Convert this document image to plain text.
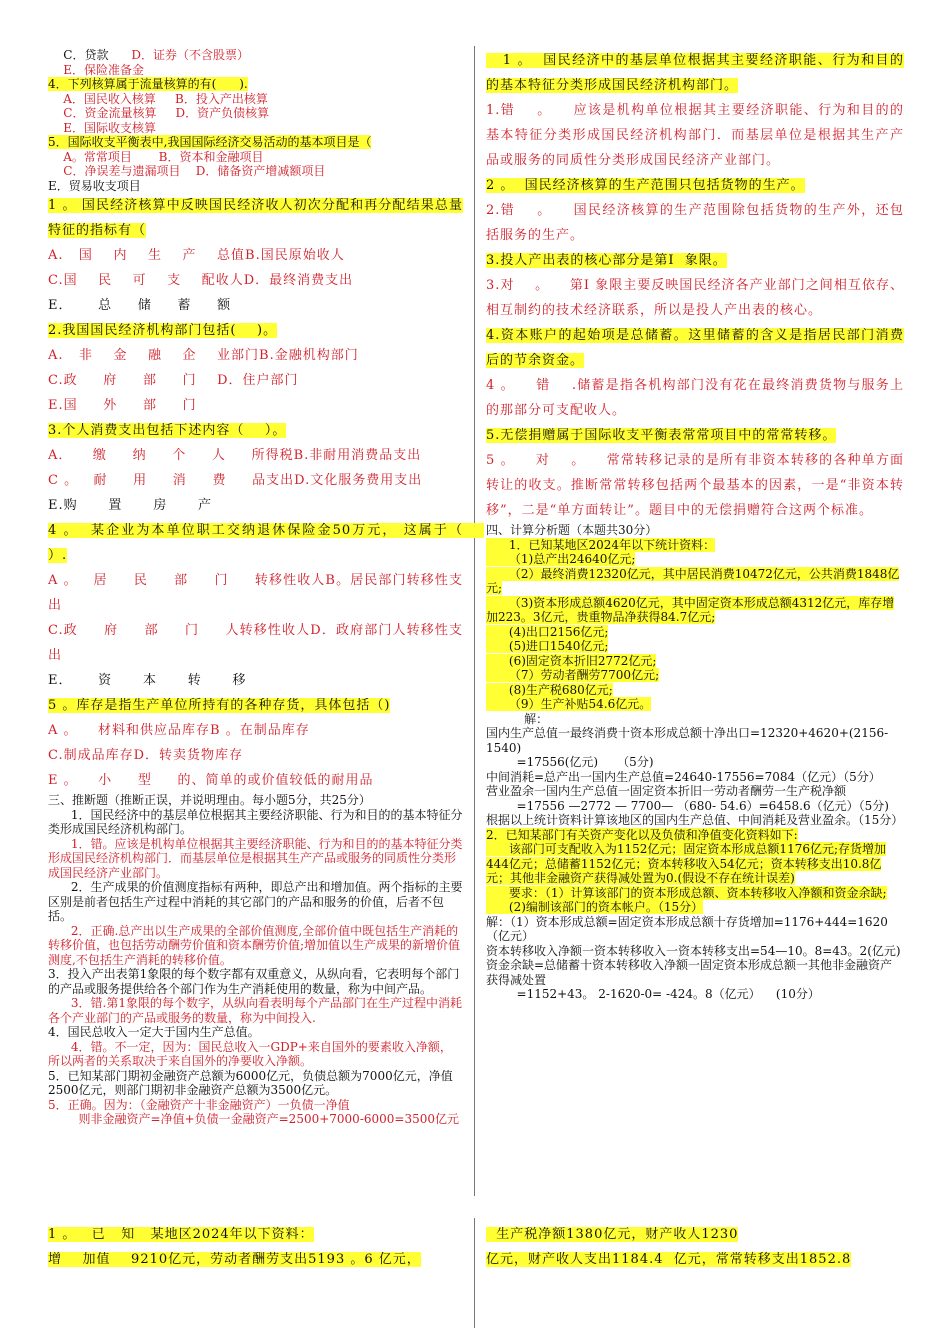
C．贷款      D．证券（不含股票）

E．保险准备金

4．下列核算属于流量核算的有(      ).

A．国民收入核算     B．投入产出核算

C．资金流量核算     D．资产负债核算

E．国际收支核算

5．国际收支平衡表中,我国国际经济交易活动的基本项目是（

A。常常项目       B．资本和金融项目

C．净误差与遗漏项目    D．储备资产增减额项目

E．贸易收支项目

1 。 国民经济核算中反映国民经济收人初次分配和再分配结果总量特征的指标有（

A.   国    内    生    产    总值B.国民原始收人

C.国    民    可    支    配收人D．最终消费支出

E．     总     储     蓄     额

2.我国国民经济机构部门包括(    )。

A.   非    金    融    企    业部门B.金融机构部门

C.政     府     部     门    D．住户部门

E.国     外     部     门

3.个人消费支出包括下述内容（    ）。

A．    缴     纳     个     人     所得税B.非耐用消费品支出

C 。   耐     用     消     费     品支出D.文化服务费用支出

E.购      置      房      产

4 。  某企业为本单位职工交纳退休保险金50万元， 这属于（    ）.

A 。   居     民     部     门     转移性收人B。居民部门转移性支出

C.政     府     部     门     人转移性收人D．政府部门人转移性支出

E．     资      本      转      移

5 。库存是指生产单位所持有的各种存货，具体包括（)

A 。    材料和供应品库存B 。在制品库存

C.制成品库存D．转卖货物库存

E 。    小     型     的、简单的或价值较低的耐用品

三、推断题（推断正误，并说明理由。每小题5分，共25分）

1．国民经济中的基层单位根据其主要经济职能、行为和目的的基本特征分类形成国民经济机构部门。

1．错。应该是机构单位根据其主要经济职能、行为和目的的基本特征分类形成国民经济机构部门．而基层单位是根据其生产产品或服务的同质性分类形成国民经济产业部门。

2．生产成果的价值测度指标有两种，即总产出和增加值。两个指标的主要区别是前者包括生产过程中消耗的其它部门的产品和服务的价值，后者不包括。

2．正确.总产出以生产成果的全部价值测度,全部价值中既包括生产消耗的转移价值，也包括劳动酬劳价值和资本酬劳价值;增加值以生产成果的新增价值测度,不包括生产消耗的转移价值。

3．投入产出表第1象限的每个数字都有双重意义，从纵向看，它表明每个部门的产品或服务提供给各个部门作为生产消耗使用的数量，称为中间产品。

3．错.第1象限的每个数字，从纵向看表明每个产品部门在生产过程中消耗各个产业部门的产品或服务的数量，称为中间投入.

4．国民总收入一定大于国内生产总值。

4．错。不一定，因为：国民总收入一GDP+来自国外的要素收入净额，所以两者的关系取决于来自国外的净要收入净额。

5．已知某部门期初金融资产总额为6000亿元，负债总额为7000亿元，净值2500亿元，则部门期初非金融资产总额为3500亿元。

5．正确。因为：（金融资产十非金融资产）一负债一净值

则非金融资产=净值+负债一金融资产=2500+7000-6000=3500亿元

1 。  国民经济中的基层单位根据其主要经济职能、行为和目的的基本特征分类形成国民经济机构部门。

1.错    。    应该是机构单位根据其主要经济职能、行为和目的的基本特征分类形成国民经济机构部门．而基层单位是根据其生产产品或服务的同质性分类形成国民经济产业部门。

2 。  国民经济核算的生产范围只包括货物的生产。

2.错    。    国民经济核算的生产范围除包括货物的生产外，还包括服务的生产。

3.投人产出表的核心部分是第I  象限。

3.对    。    第I 象限主要反映国民经济各产业部门之间相互依存、相互制约的技术经济联系，所以是投人产出表的核心。

4.资本账户的起始项是总储蓄。这里储蓄的含义是指居民部门消费后的节余资金。

4 。    错    .储蓄是指各机构部门没有花在最终消费货物与服务上的那部分可支配收人。

5.无偿捐赠属于国际收支平衡表常常项目中的常常转移。

5 。    对    。    常常转移记录的是所有非资本转移的各种单方面转让的收支。推断常常转移包括两个最基本的因素，一是“非资本转移”，二是“单方面转让”。题目中的无偿捐赠符合这两个标准。

四、计算分析题（本题共30分）

1．已知某地区2024年以下统计资料：

（1)总产出24640亿元;

（2）最终消费12320亿元，其中居民消费10472亿元，公共消费1848亿元;

（3)资本形成总额4620亿元，其中固定资本形成总额4312亿元，库存增加223。3亿元，贵重物品净获得84.7亿元;

(4)出口2156亿元;

(5)进口1540亿元;

(6)固定资本折旧2772亿元;

（7）劳动者酬劳7700亿元;

(8)生产税680亿元;

（9）生产补贴54.6亿元。

解：

国内生产总值一最终消费十资本形成总额十净出口=12320+4620+(2156-1540)

=17556(亿元)     （5分)

中间消耗=总产出一国内生产总值=24640-17556=7084（亿元）（5分）

营业盈余一国内生产总值一固定资本折旧一劳动者酬劳一生产税净额

=17556 —2772 — 7700— （680- 54.6）=6458.6（亿元）（5分)

根据以上统计资料计算该地区的国内生产总值、中间消耗及营业盈余。（15分）

2．已知某部门有关资产变化以及负债和净值变化资料如下:

该部门可支配收入为1152亿元；固定资本形成总额1176亿元;存货增加444亿元；总储蓄1152亿元；资本转移收入54亿元；资本转移支出10.8亿元；其他非金融资产获得减处置为0.(假设不存在统计误差)

要求：（1）计算该部门的资本形成总额、资本转移收入净额和资金余缺;

(2)编制该部门的资本帐户。（15分）

解：（1）资本形成总额=固定资本形成总额十存货增加=1176+444=1620（亿元）

资本转移收入净额一资本转移收入一资本转移支出=54—10。8=43。2(亿元)

资金余缺=总储蓄十资本转移收入净额一固定资本形成总额一其他非金融资产获得减处置

=1152+43。 2-1620-0= -424。8（亿元）    (10分）

1 。   已   知   某地区2024年以下资料：

增    加值    9210亿元，劳动者酬劳支出5193 。6 亿元，

生产税净额1380亿元，财产收人1230

亿元，财产收人支出1184.4  亿元，常常转移支出1852.8
